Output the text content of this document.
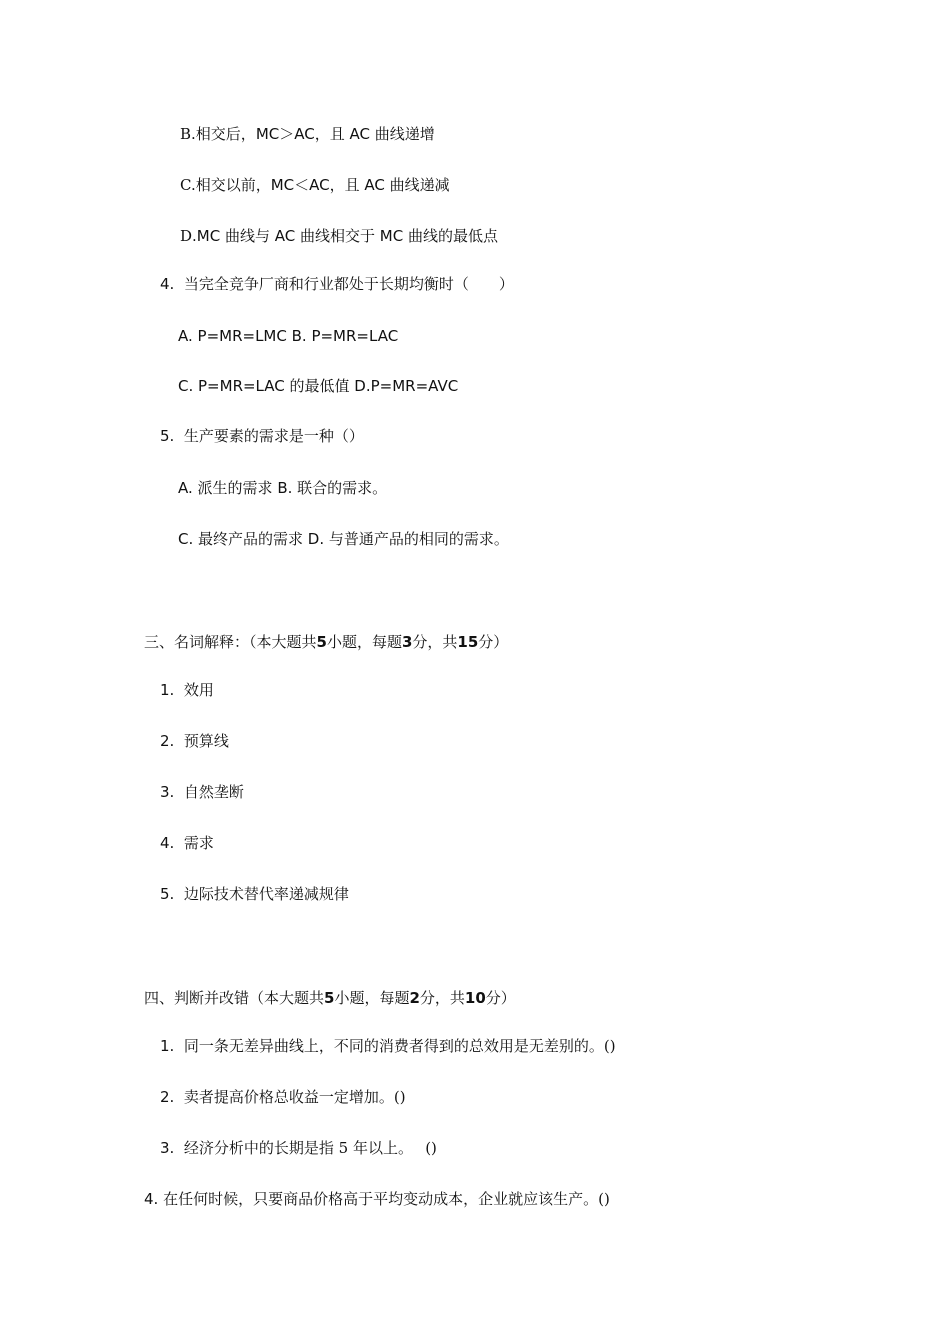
B.相交后，MC＞AC，且 AC 曲线递增
C.相交以前，MC＜AC，且 AC 曲线递减
D.MC 曲线与 AC 曲线相交于 MC 曲线的最低点
4. 当完全竞争厂商和行业都处于长期均衡时（　　）
A. P=MR=LMC B. P=MR=LAC
C. P=MR=LAC 的最低值 D.P=MR=AVC
5. 生产要素的需求是一种（）
A. 派生的需求 B. 联合的需求。
C. 最终产品的需求 D. 与普通产品的相同的需求。
三、名词解释：（本大题共5小题，每题3分，共15分）
1. 效用
2. 预算线
3. 自然垄断
4. 需求
5. 边际技术替代率递减规律
四、判断并改错（本大题共5小题，每题2分，共10分）
1. 同一条无差异曲线上，不同的消费者得到的总效用是无差别的。()
2. 卖者提高价格总收益一定增加。()
3. 经济分析中的长期是指 5 年以上。　 ()
4. 在任何时候，只要商品价格高于平均变动成本，企业就应该生产。()
